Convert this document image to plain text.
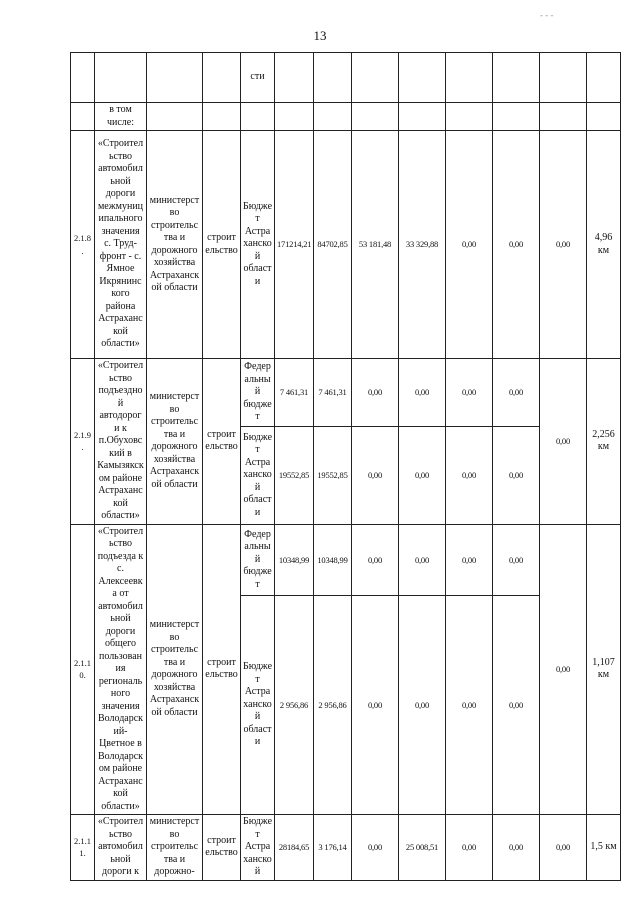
13
- ‑ ‑
				сти								
	в том числе:											
2.1.8.	«Строительство автомобильной дороги межмуниципального значения с. Труд-фронт - с. Ямное Икрянинского района Астраханской области»	министерство строительства и дорожного хозяйства Астраханской области	строительство	Бюджет Астраханской области	171214,21	84702,85	53 181,48	33 329,88	0,00	0,00	0,00	4,96 км
2.1.9.	«Строительство подъездной автодороги к п.Обуховский в Камызякском районе Астраханской области»	министерство строительства и дорожного хозяйства Астраханской области	строительство	Федеральный бюджет	7 461,31	7 461,31	0,00	0,00	0,00	0,00	0,00	2,256 км
				Бюджет Астраханской области	19552,85	19552,85	0,00	0,00	0,00	0,00		
2.1.10.	«Строительство подъезда к с. Алексеевка от автомобильной дороги общего пользования регионального значения Володарский-Цветное в Володарском районе Астраханской области»	министерство строительства и дорожного хозяйства Астраханской области	строительство	Федеральный бюджет	10348,99	10348,99	0,00	0,00	0,00	0,00	0,00	1,107 км
				Бюджет Астраханской области	2 956,86	2 956,86	0,00	0,00	0,00	0,00		
2.1.11.	«Строительство автомобильной дороги к	министерство строительства и дорожно-	строительство	Бюджет Астраханской	28184,65	3 176,14	0,00	25 008,51	0,00	0,00	0,00	1,5 км
